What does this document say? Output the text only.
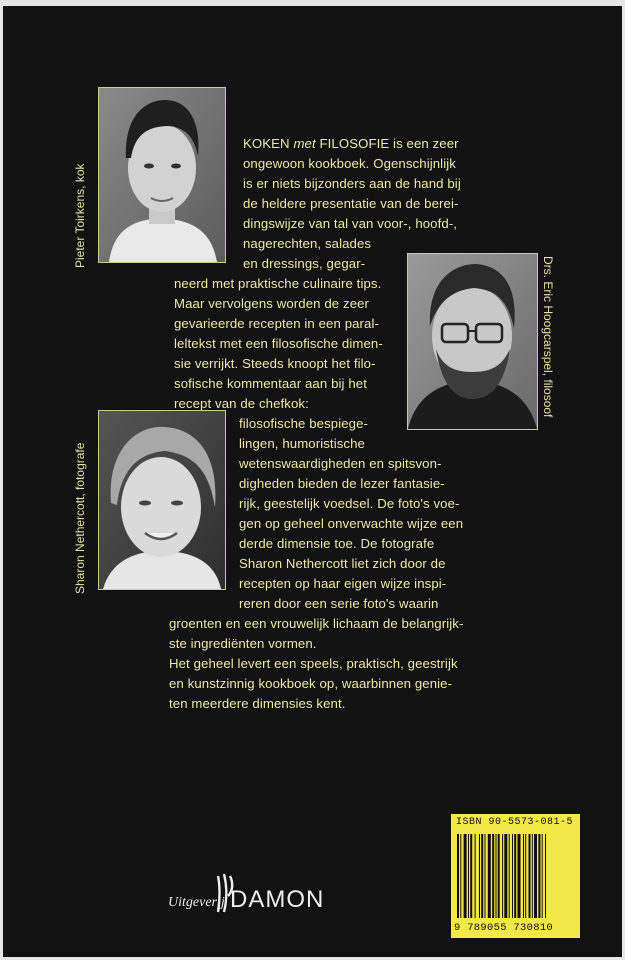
Pieter Toirkens, kok
Drs. Eric Hoogcarspel, filosoof
Sharon Nethercott, fotografe
KOKEN met FILOSOFIE is een zeer
ongewoon kookboek. Ogenschijnlijk
is er niets bijzonders aan de hand bij
de heldere presentatie van de berei-
dingswijze van tal van voor-, hoofd-,
nagerechten, salades
en dressings, gegar-
neerd met praktische culinaire tips.
Maar vervolgens worden de zeer
gevarieerde recepten in een paral-
leltekst met een filosofische dimen-
sie verrijkt. Steeds knoopt het filo-
sofische kommentaar aan bij het
recept van de chefkok:
filosofische bespiege-
lingen, humoristische
wetenswaardigheden en spitsvon-
digheden bieden de lezer fantasie-
rijk, geestelijk voedsel. De foto's voe-
gen op geheel onverwachte wijze een
derde dimensie toe. De fotografe
Sharon Nethercott liet zich door de
recepten op haar eigen wijze inspi-
reren door een serie foto's waarin
groenten en een vrouwelijk lichaam de belangrijk-
ste ingrediënten vormen.
Het geheel levert een speels, praktisch, geestrijk
en kunstzinnig kookboek op, waarbinnen genie-
ten meerdere dimensies kent.
ISBN 90-5573-081-5
9 789055 730810
Uitgeverij DAMON
